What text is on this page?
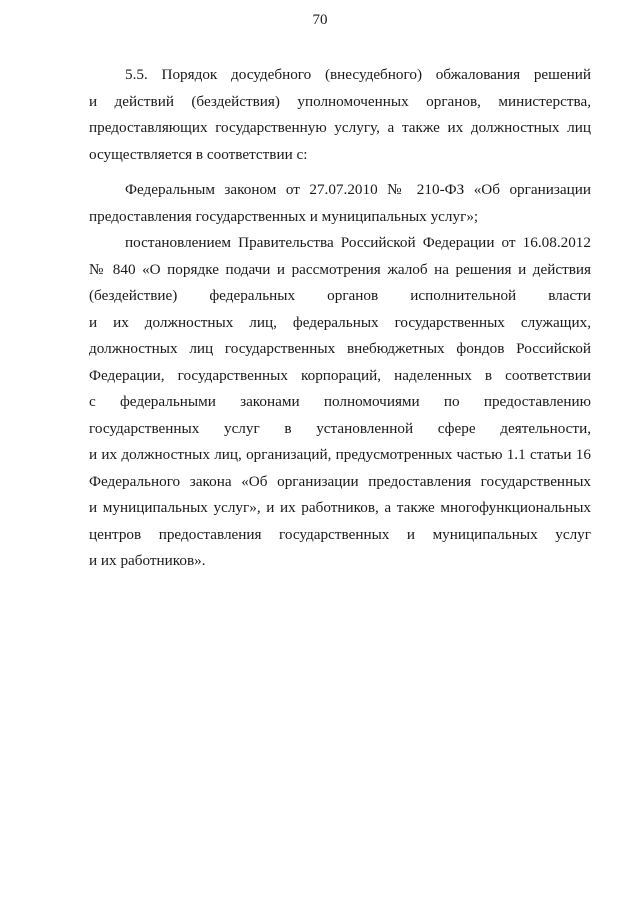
70
5.5. Порядок досудебного (внесудебного) обжалования решений
и действий (бездействия) уполномоченных органов, министерства,
предоставляющих государственную услугу, а также их должностных лиц
осуществляется в соответствии с:
Федеральным законом от 27.07.2010 № 210-ФЗ «Об организации
предоставления государственных и муниципальных услуг»;
постановлением Правительства Российской Федерации от 16.08.2012
№ 840 «О порядке подачи и рассмотрения жалоб на решения и действия
(бездействие) федеральных органов исполнительной власти
и их должностных лиц, федеральных государственных служащих,
должностных лиц государственных внебюджетных фондов Российской
Федерации, государственных корпораций, наделенных в соответствии
с федеральными законами полномочиями по предоставлению
государственных услуг в установленной сфере деятельности,
и их должностных лиц, организаций, предусмотренных частью 1.1 статьи 16
Федерального закона «Об организации предоставления государственных
и муниципальных услуг», и их работников, а также многофункциональных
центров предоставления государственных и муниципальных услуг
и их работников».
